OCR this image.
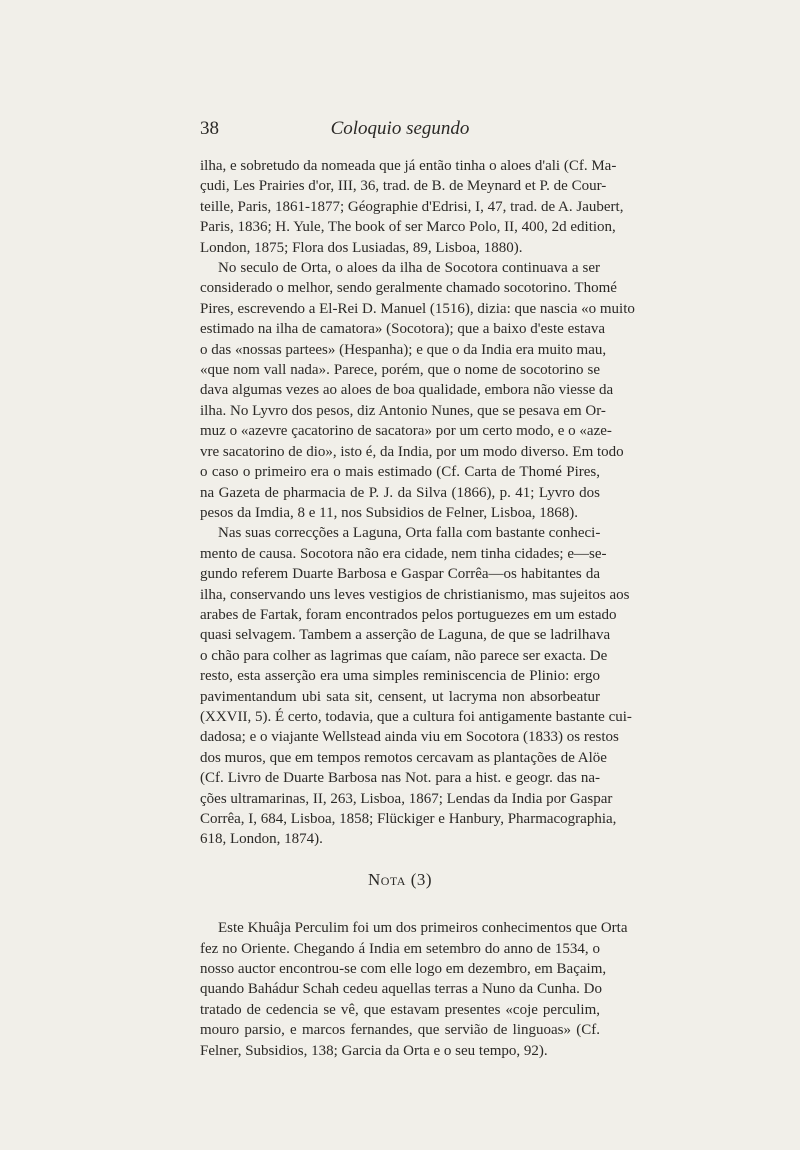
38	Coloquio segundo

ilha, e sobretudo da nomeada que já então tinha o aloes d'ali (Cf. Ma-
çudi, Les Prairies d'or, III, 36, trad. de B. de Meynard et P. de Cour-
teille, Paris, 1861-1877; Géographie d'Edrisi, I, 47, trad. de A. Jaubert,
Paris, 1836; H. Yule, The book of ser Marco Polo, II, 400, 2d edition,
London, 1875; Flora dos Lusiadas, 89, Lisboa, 1880).

No seculo de Orta, o aloes da ilha de Socotora continuava a ser
considerado o melhor, sendo geralmente chamado socotorino. Thomé
Pires, escrevendo a El-Rei D. Manuel (1516), dizia: que nascia «o muito
estimado na ilha de camatora» (Socotora); que a baixo d'este estava
o das «nossas partees» (Hespanha); e que o da India era muito mau,
«que nom vall nada». Parece, porém, que o nome de socotorino se
dava algumas vezes ao aloes de boa qualidade, embora não viesse da
ilha. No Lyvro dos pesos, diz Antonio Nunes, que se pesava em Or-
muz o «azevre çacatorino de sacatora» por um certo modo, e o «aze-
vre sacatorino de dio», isto é, da India, por um modo diverso. Em todo
o caso o primeiro era o mais estimado (Cf. Carta de Thomé Pires,
na Gazeta de pharmacia de P. J. da Silva (1866), p. 41; Lyvro dos
pesos da Imdia, 8 e 11, nos Subsidios de Felner, Lisboa, 1868).

Nas suas correcções a Laguna, Orta falla com bastante conheci-
mento de causa. Socotora não era cidade, nem tinha cidades; e—se-
gundo referem Duarte Barbosa e Gaspar Corrêa—os habitantes da
ilha, conservando uns leves vestigios de christianismo, mas sujeitos aos
arabes de Fartak, foram encontrados pelos portuguezes em um estado
quasi selvagem. Tambem a asserção de Laguna, de que se ladrilhava
o chão para colher as lagrimas que caíam, não parece ser exacta. De
resto, esta asserção era uma simples reminiscencia de Plinio: ergo
pavimentandum ubi sata sit, censent, ut lacryma non absorbeatur
(XXVII, 5). É certo, todavia, que a cultura foi antigamente bastante cui-
dadosa; e o viajante Wellstead ainda viu em Socotora (1833) os restos
dos muros, que em tempos remotos cercavam as plantações de Alöe
(Cf. Livro de Duarte Barbosa nas Not. para a hist. e geogr. das na-
ções ultramarinas, II, 263, Lisboa, 1867; Lendas da India por Gaspar
Corrêa, I, 684, Lisboa, 1858; Flückiger e Hanbury, Pharmacographia,
618, London, 1874).

Nota (3)

Este Khuâja Perculim foi um dos primeiros conhecimentos que Orta
fez no Oriente. Chegando á India em setembro do anno de 1534, o
nosso auctor encontrou-se com elle logo em dezembro, em Baçaim,
quando Bahádur Schah cedeu aquellas terras a Nuno da Cunha. Do
tratado de cedencia se vê, que estavam presentes «coje perculim,
mouro parsio, e marcos fernandes, que servião de linguoas» (Cf.
Felner, Subsidios, 138; Garcia da Orta e o seu tempo, 92).
